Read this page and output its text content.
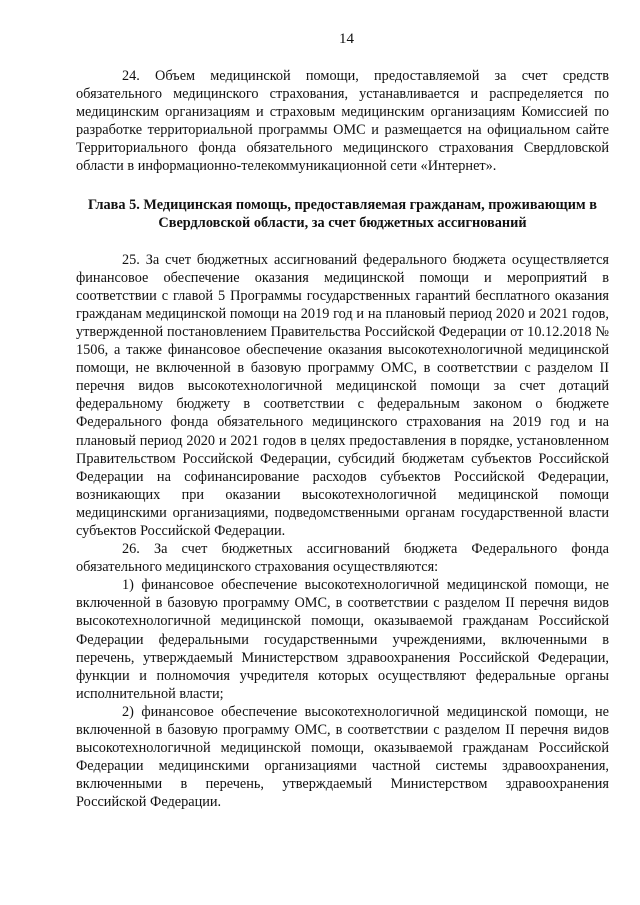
14

24. Объем медицинской помощи, предоставляемой за счет средств обязательного медицинского страхования, устанавливается и распределяется по медицинским организациям и страховым медицинским организациям Комиссией по разработке территориальной программы ОМС и размещается на официальном сайте Территориального фонда обязательного медицинского страхования Свердловской области в информационно-телекоммуникационной сети «Интернет».

Глава 5. Медицинская помощь, предоставляемая гражданам, проживающим в Свердловской области, за счет бюджетных ассигнований

25. За счет бюджетных ассигнований федерального бюджета осуществляется финансовое обеспечение оказания медицинской помощи и мероприятий в соответствии с главой 5 Программы государственных гарантий бесплатного оказания гражданам медицинской помощи на 2019 год и на плановый период 2020 и 2021 годов, утвержденной постановлением Правительства Российской Федерации от 10.12.2018 № 1506, а также финансовое обеспечение оказания высокотехнологичной медицинской помощи, не включенной в базовую программу ОМС, в соответствии с разделом II перечня видов высокотехнологичной медицинской помощи за счет дотаций федеральному бюджету в соответствии с федеральным законом о бюджете Федерального фонда обязательного медицинского страхования на 2019 год и на плановый период 2020 и 2021 годов в целях предоставления в порядке, установленном Правительством Российской Федерации, субсидий бюджетам субъектов Российской Федерации на софинансирование расходов субъектов Российской Федерации, возникающих при оказании высокотехнологичной медицинской помощи медицинскими организациями, подведомственными органам государственной власти субъектов Российской Федерации.

26. За счет бюджетных ассигнований бюджета Федерального фонда обязательного медицинского страхования осуществляются:

1) финансовое обеспечение высокотехнологичной медицинской помощи, не включенной в базовую программу ОМС, в соответствии с разделом II перечня видов высокотехнологичной медицинской помощи, оказываемой гражданам Российской Федерации федеральными государственными учреждениями, включенными в перечень, утверждаемый Министерством здравоохранения Российской Федерации, функции и полномочия учредителя которых осуществляют федеральные органы исполнительной власти;

2) финансовое обеспечение высокотехнологичной медицинской помощи, не включенной в базовую программу ОМС, в соответствии с разделом II перечня видов высокотехнологичной медицинской помощи, оказываемой гражданам Российской Федерации медицинскими организациями частной системы здравоохранения, включенными в перечень, утверждаемый Министерством здравоохранения Российской Федерации.
